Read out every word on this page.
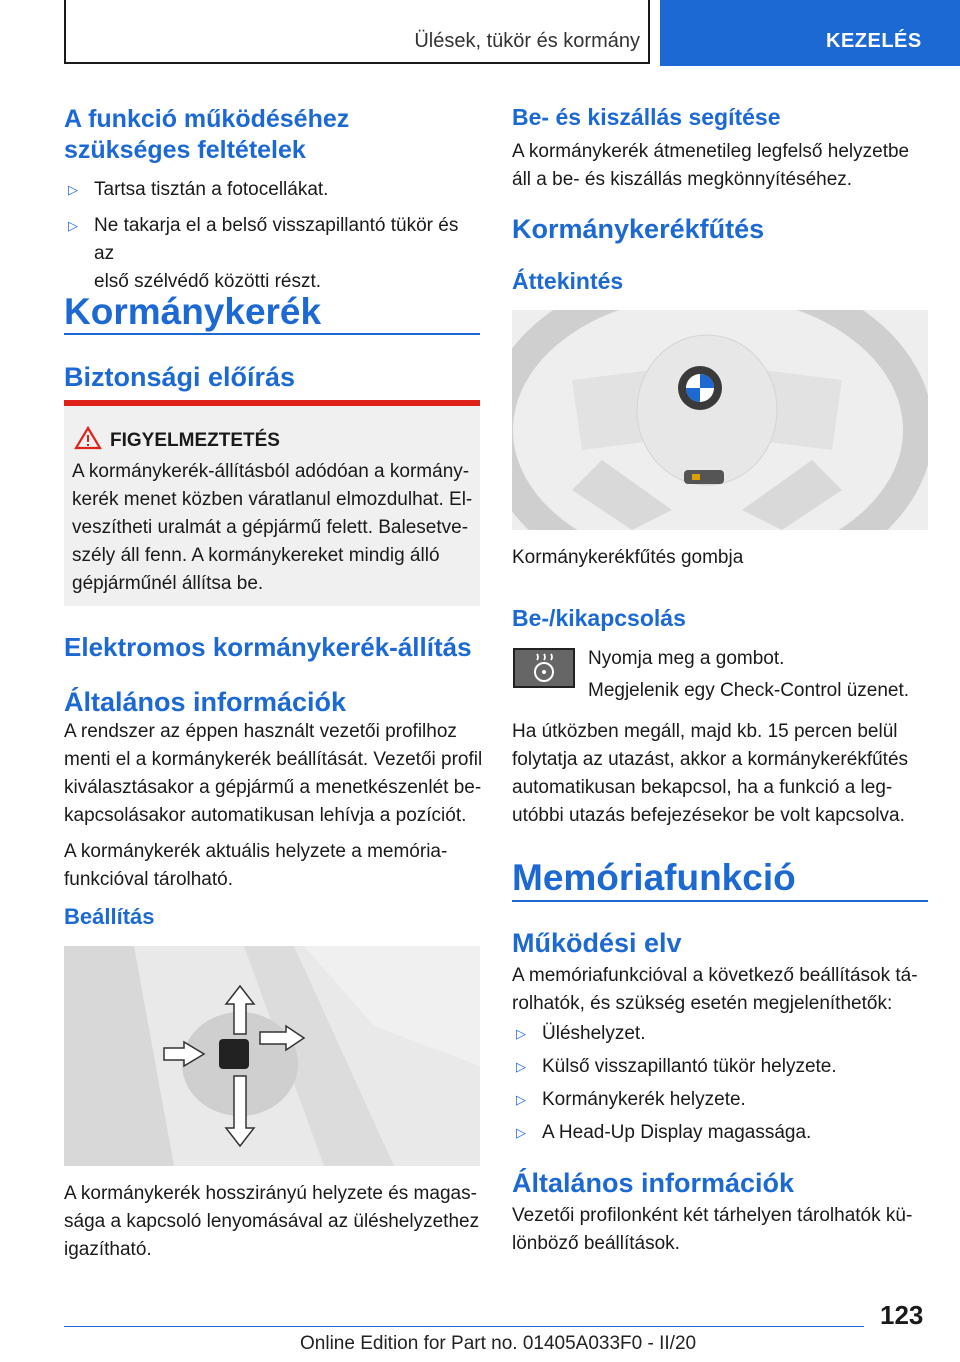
Ülések, tükör és kormány	KEZELÉS
A funkció működéséhez
szükséges feltételek
▷ Tartsa tisztán a fotocellákat.
▷ Ne takarja el a belső visszapillantó tükör és az
első szélvédő közötti részt.
Kormánykerék
Biztonsági előírás
FIGYELMEZTETÉS
A kormánykerék-állításból adódóan a kormány-
kerék menet közben váratlanul elmozdulhat. El-
veszítheti uralmát a gépjármű felett. Balesetve-
szély áll fenn. A kormánykereket mindig álló
gépjárműnél állítsa be.
Elektromos kormánykerék-állítás
Általános információk
A rendszer az éppen használt vezetői profilhoz
menti el a kormánykerék beállítását. Vezetői profil
kiválasztásakor a gépjármű a menetkészenlét be-
kapcsolásakor automatikusan lehívja a pozíciót.
A kormánykerék aktuális helyzete a memória-
funkcióval tárolható.
Beállítás
A kormánykerék hosszirányú helyzete és magas-
sága a kapcsoló lenyomásával az üléshelyzethez
igazítható.
Be- és kiszállás segítése
A kormánykerék átmenetileg legfelső helyzetbe
áll a be- és kiszállás megkönnyítéséhez.
Kormánykerékfűtés
Áttekintés
Kormánykerékfűtés gombja
Be-/kikapcsolás
Nyomja meg a gombot.
Megjelenik egy Check-Control üzenet.
Ha útközben megáll, majd kb. 15 percen belül
folytatja az utazást, akkor a kormánykerékfűtés
automatikusan bekapcsol, ha a funkció a leg-
utóbbi utazás befejezésekor be volt kapcsolva.
Memóriafunkció
Működési elv
A memóriafunkcióval a következő beállítások tá-
rolhatók, és szükség esetén megjeleníthetők:
▷ Üléshelyzet.
▷ Külső visszapillantó tükör helyzete.
▷ Kormánykerék helyzete.
▷ A Head-Up Display magassága.
Általános információk
Vezetői profilonként két tárhelyen tárolhatók kü-
lönböző beállítások.
123
Online Edition for Part no. 01405A033F0 - II/20
